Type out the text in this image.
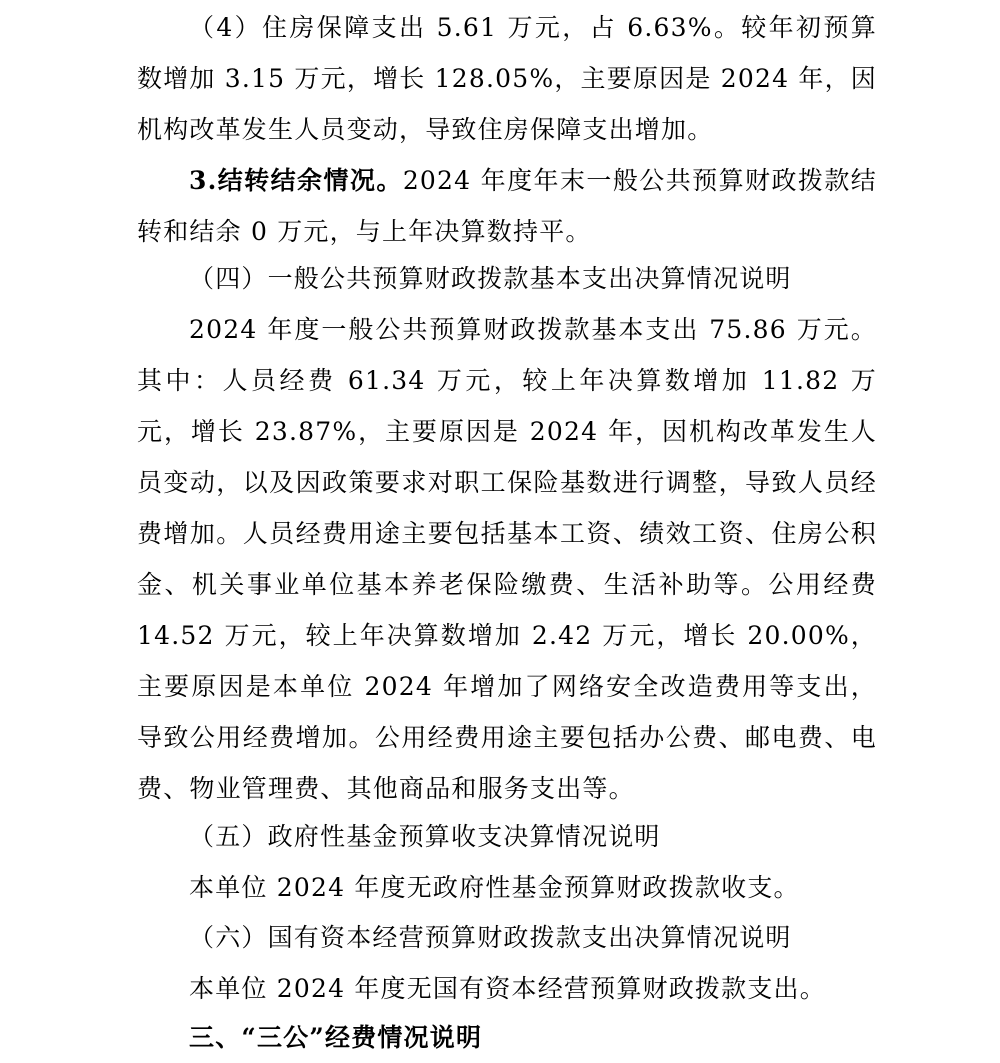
（4）住房保障支出 5.61 万元，占 6.63%。较年初预算数增加 3.15 万元，增长 128.05%，主要原因是 2024 年，因机构改革发生人员变动，导致住房保障支出增加。

3.结转结余情况。2024 年度年末一般公共预算财政拨款结转和结余 0 万元，与上年决算数持平。

（四）一般公共预算财政拨款基本支出决算情况说明

2024 年度一般公共预算财政拨款基本支出 75.86 万元。其中：人员经费 61.34 万元，较上年决算数增加 11.82 万元，增长 23.87%，主要原因是 2024 年，因机构改革发生人员变动，以及因政策要求对职工保险基数进行调整，导致人员经费增加。人员经费用途主要包括基本工资、绩效工资、住房公积金、机关事业单位基本养老保险缴费、生活补助等。公用经费 14.52 万元，较上年决算数增加 2.42 万元，增长 20.00%，主要原因是本单位 2024 年增加了网络安全改造费用等支出，导致公用经费增加。公用经费用途主要包括办公费、邮电费、电费、物业管理费、其他商品和服务支出等。

（五）政府性基金预算收支决算情况说明

本单位 2024 年度无政府性基金预算财政拨款收支。

（六）国有资本经营预算财政拨款支出决算情况说明

本单位 2024 年度无国有资本经营预算财政拨款支出。

三、“三公”经费情况说明
